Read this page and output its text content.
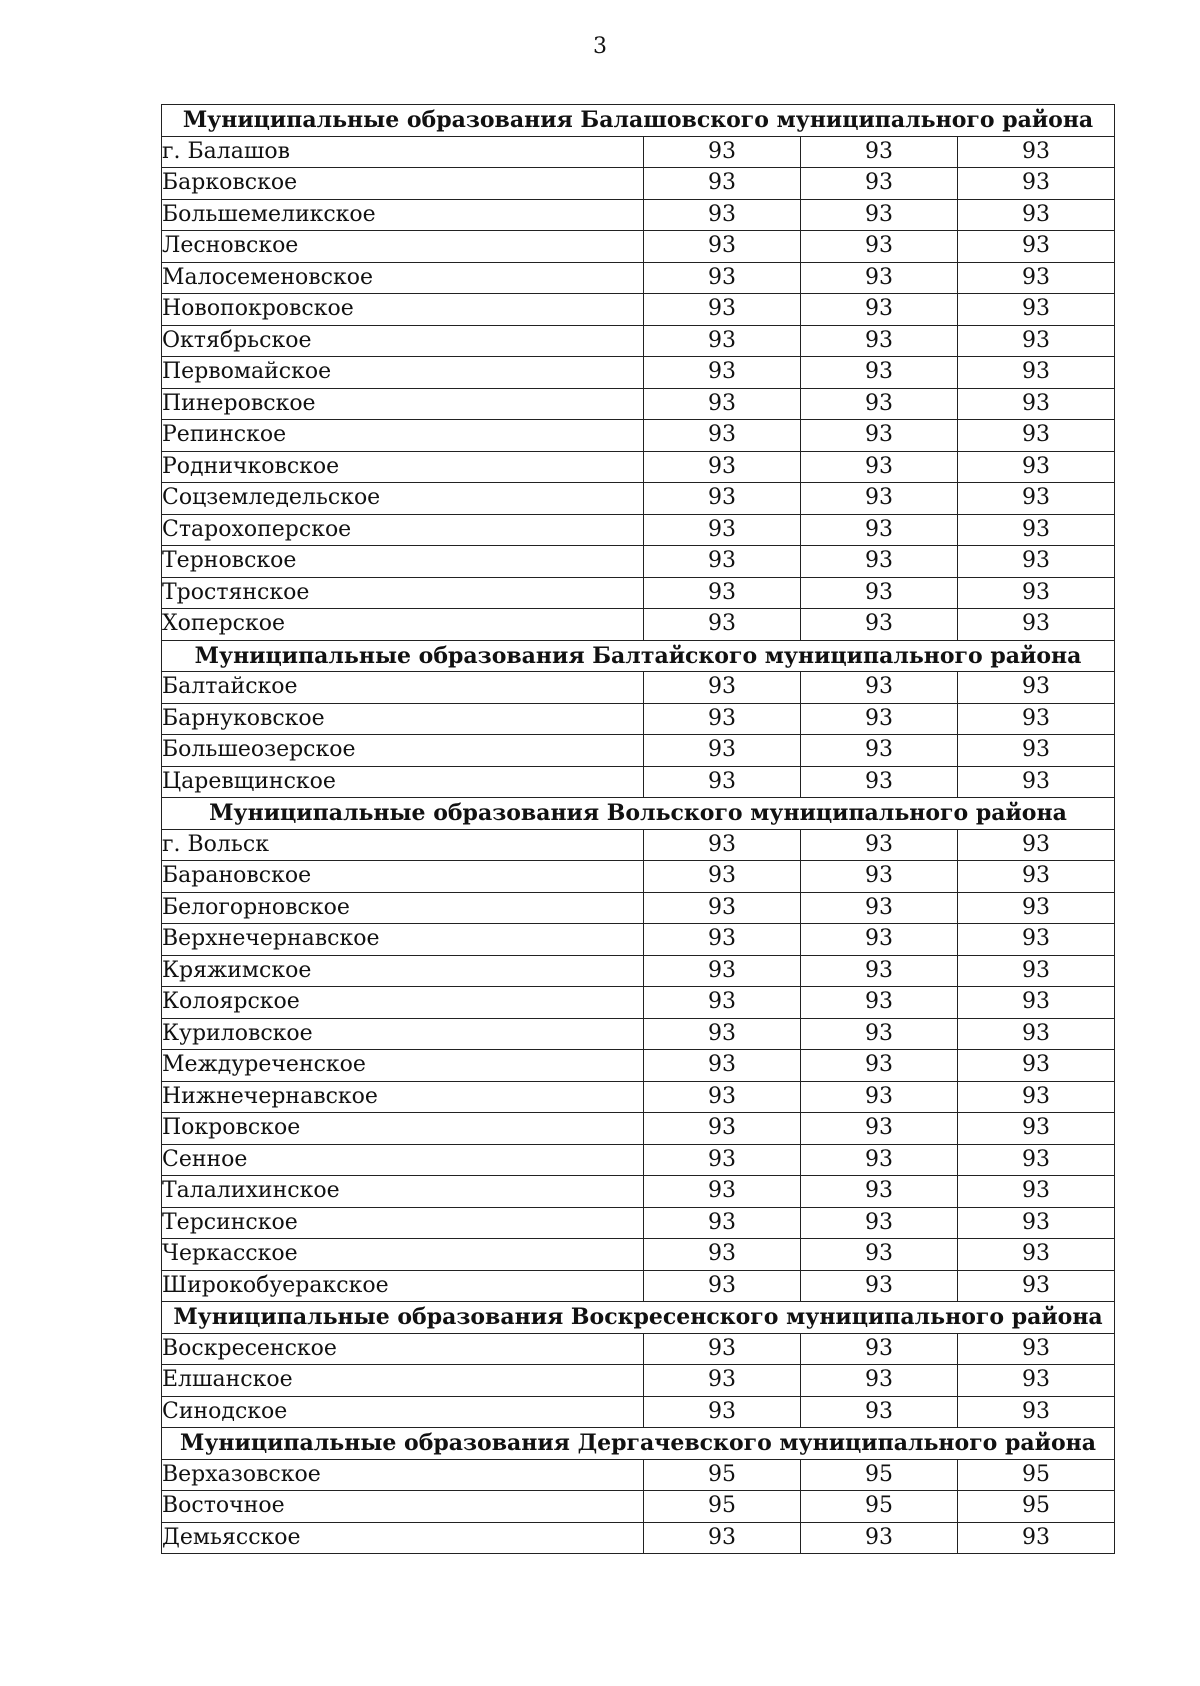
3
Муниципальные образования Балашовского муниципального района			
г. Балашов	93	93	93
Барковское	93	93	93
Большемеликское	93	93	93
Лесновское	93	93	93
Малосеменовское	93	93	93
Новопокровское	93	93	93
Октябрьское	93	93	93
Первомайское	93	93	93
Пинеровское	93	93	93
Репинское	93	93	93
Родничковское	93	93	93
Соцземледельское	93	93	93
Старохоперское	93	93	93
Терновское	93	93	93
Тростянское	93	93	93
Хоперское	93	93	93
Муниципальные образования Балтайского муниципального района			
Балтайское	93	93	93
Барнуковское	93	93	93
Большеозерское	93	93	93
Царевщинское	93	93	93
Муниципальные образования Вольского муниципального района			
г. Вольск	93	93	93
Барановское	93	93	93
Белогорновское	93	93	93
Верхнечернавское	93	93	93
Кряжимское	93	93	93
Колоярское	93	93	93
Куриловское	93	93	93
Междуреченское	93	93	93
Нижнечернавское	93	93	93
Покровское	93	93	93
Сенное	93	93	93
Талалихинское	93	93	93
Терсинское	93	93	93
Черкасское	93	93	93
Широкобуеракское	93	93	93
Муниципальные образования Воскресенского муниципального района			
Воскресенское	93	93	93
Елшанское	93	93	93
Синодское	93	93	93
Муниципальные образования Дергачевского муниципального района			
Верхазовское	95	95	95
Восточное	95	95	95
Демьясское	93	93	93
